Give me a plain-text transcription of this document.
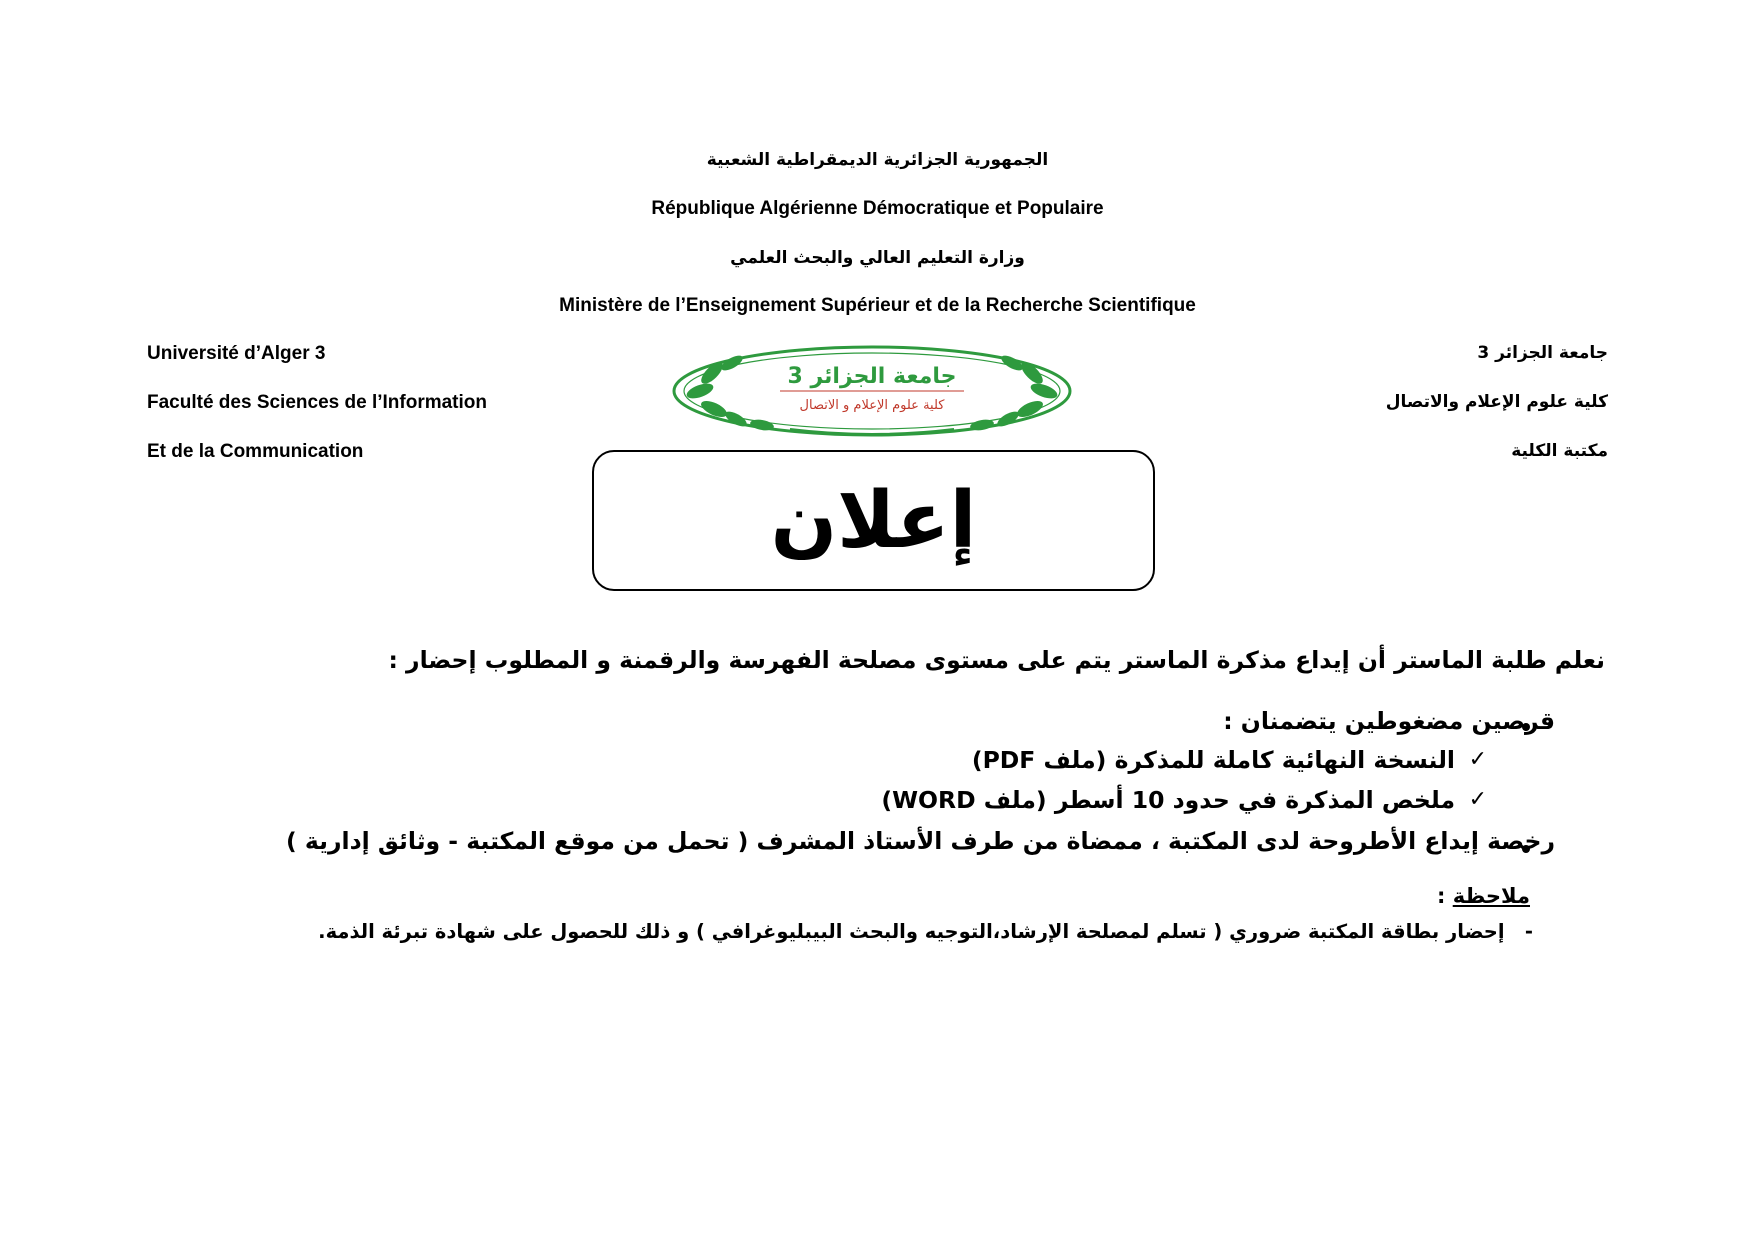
الجمهورية الجزائرية الديمقراطية الشعبية
République Algérienne Démocratique et Populaire
وزارة التعليم العالي والبحث العلمي
Ministère de l’Enseignement Supérieur et de la Recherche Scientifique
Université d’Alger 3
Faculté des Sciences de l’Information
Et de la Communication
جامعة الجزائر 3
كلية علوم الإعلام والاتصال
مكتبة الكلية
جامعة الجزائر 3
كلية علوم الإعلام و الاتصال
إعلان
نعلم طلبة الماستر أن إيداع مذكرة الماستر يتم على مستوى مصلحة الفهرسة والرقمنة و المطلوب إحضار :
قرصين مضغوطين يتضمنان :
✓
النسخة النهائية كاملة للمذكرة (ملف PDF)
✓
ملخص المذكرة في حدود 10 أسطر (ملف WORD)
رخصة إيداع الأطروحة لدى المكتبة ، ممضاة من طرف الأستاذ المشرف ( تحمل من موقع المكتبة - وثائق إدارية )
ملاحظة :
-   إحضار بطاقة المكتبة ضروري ( تسلم لمصلحة الإرشاد،التوجيه والبحث البيبليوغرافي ) و ذلك للحصول على شهادة تبرئة الذمة.
